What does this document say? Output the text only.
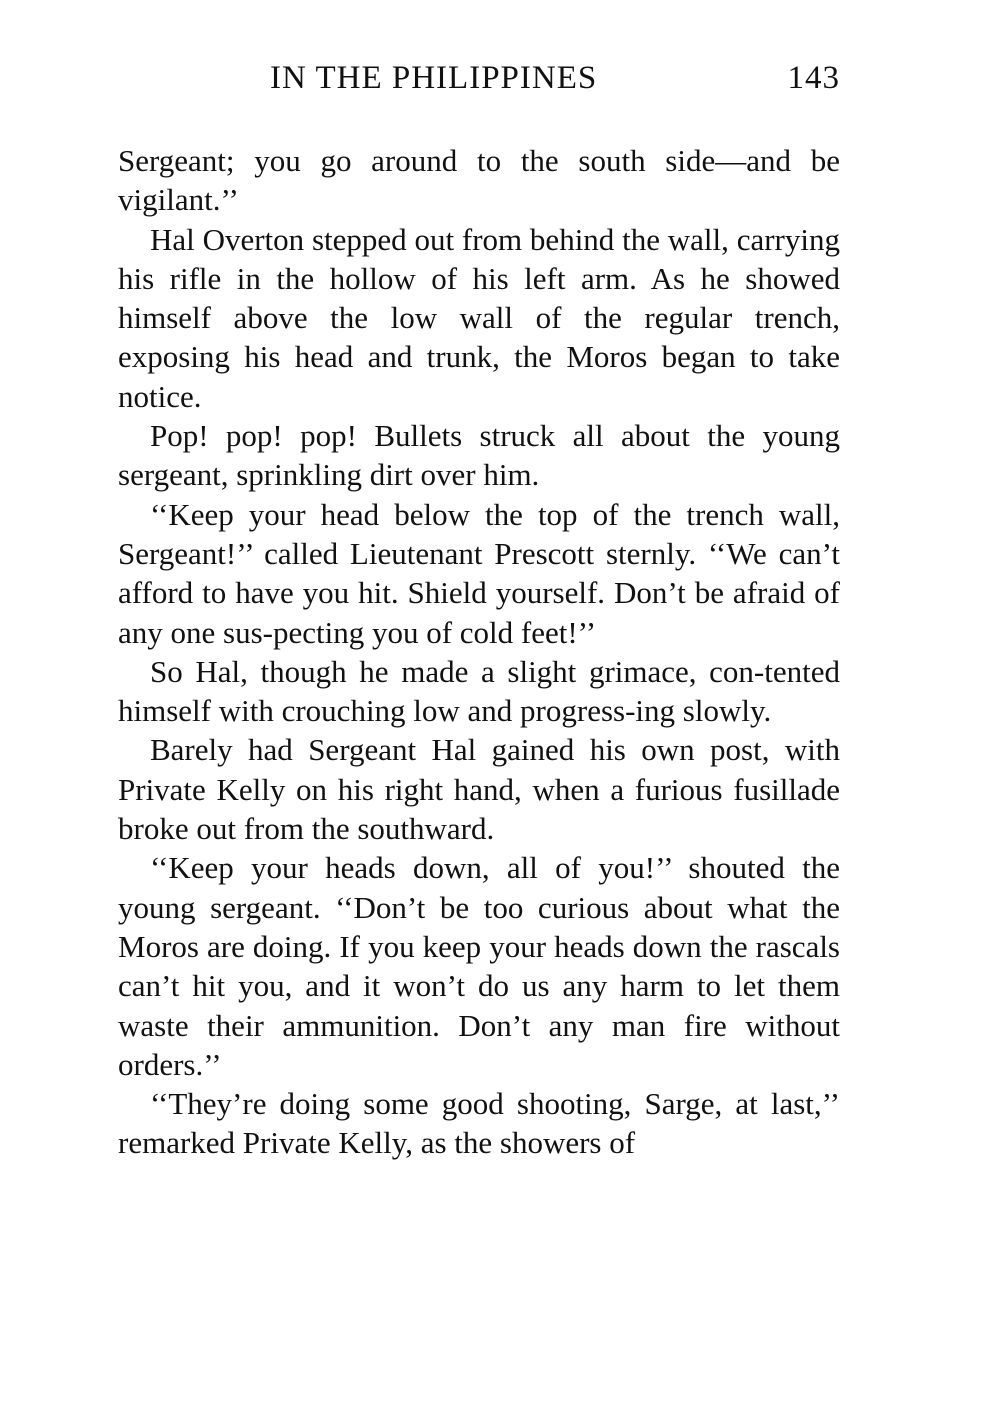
IN THE PHILIPPINES	143

Sergeant; you go around to the south side—and be vigilant.’’

Hal Overton stepped out from behind the wall, carrying his rifle in the hollow of his left arm. As he showed himself above the low wall of the regular trench, exposing his head and trunk, the Moros began to take notice.

Pop! pop! pop! Bullets struck all about the young sergeant, sprinkling dirt over him.

‘‘Keep your head below the top of the trench wall, Sergeant!’’ called Lieutenant Prescott sternly. ‘‘We can’t afford to have you hit. Shield yourself. Don’t be afraid of any one sus-pecting you of cold feet!’’

So Hal, though he made a slight grimace, con-tented himself with crouching low and progress-ing slowly.

Barely had Sergeant Hal gained his own post, with Private Kelly on his right hand, when a furious fusillade broke out from the southward.

‘‘Keep your heads down, all of you!’’ shouted the young sergeant. ‘‘Don’t be too curious about what the Moros are doing. If you keep your heads down the rascals can’t hit you, and it won’t do us any harm to let them waste their ammunition. Don’t any man fire without orders.’’

‘‘They’re doing some good shooting, Sarge, at last,’’ remarked Private Kelly, as the showers of
